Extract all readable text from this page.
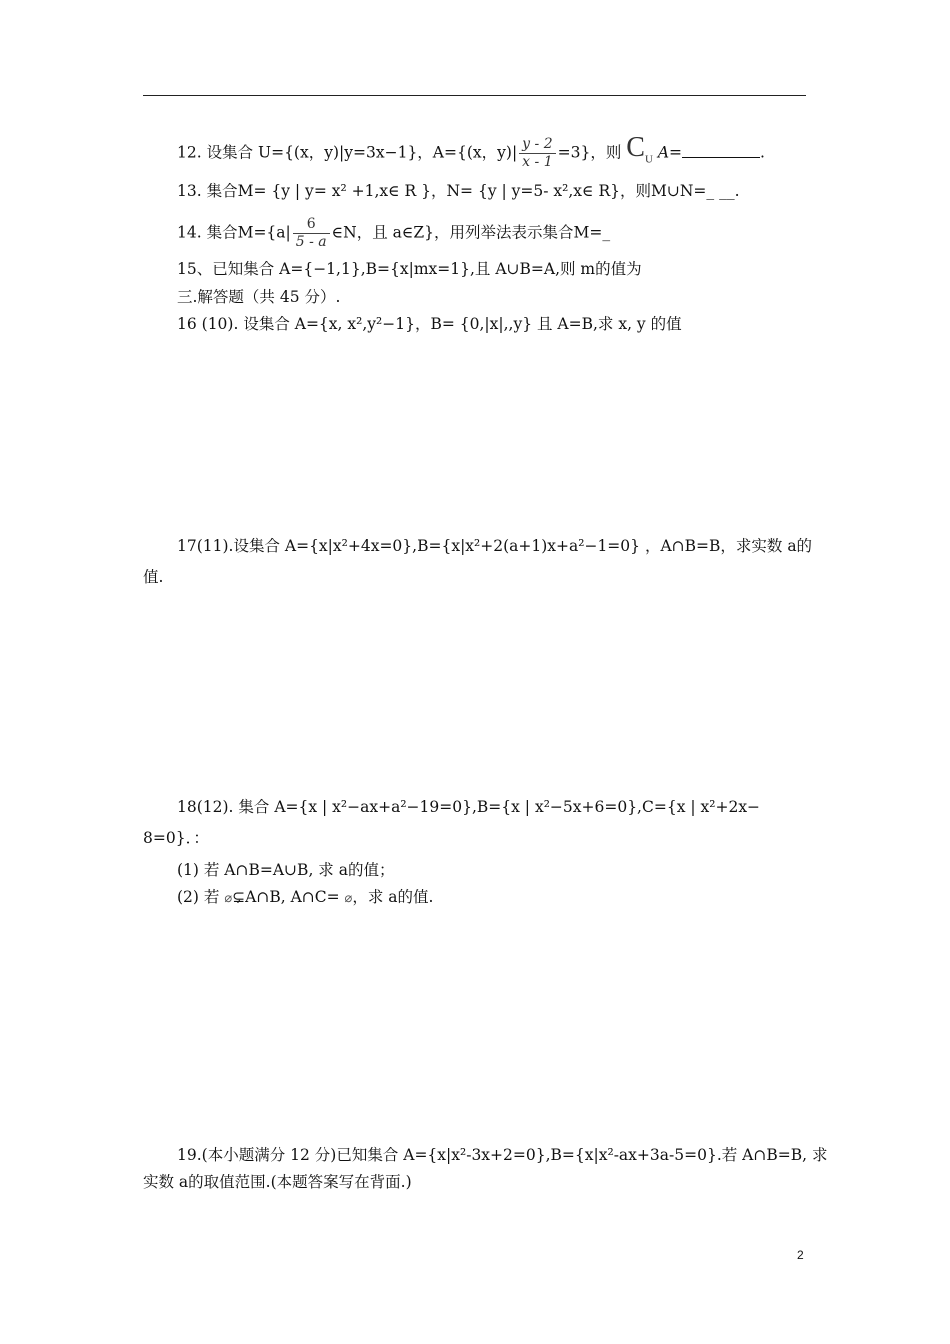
12. 设集合 U={(x，y)|y=3x−1}，A={(x，$y)| \frac{y - 2}{x - 1} =3$}，则 $C_U$ A=	.
13. 集合M= {y | y= x² +1,x∈ R }，N= {y | y=5- x²,x∈ R}，则M∪N=_ __.
14. 集合$M=\{a| \frac{6}{5 - a}$ ∈N，且 a∈Z}，用列举法表示集合M=_
15、已知集合 A={−1,1},B={x|mx=1},且 A∪B=A,则 m的值为
三.解答题（共 45 分）.
16 (10). 设集合 A={x, x²,y²−1}，B= {0,|x|,,y} 且 A=B,求 x, y 的值
17(11).设集合 A={x|x²+4x=0},B={x|x²+2(a+1)x+a²−1=0} ，A∩B=B，求实数 a的
值.
18(12). 集合 A={x | x²−ax+a²−19=0},B={x | x²−5x+6=0},C={x | x²+2x−
8=0}．：
(1) 若 A∩B=A∪B, 求 a的值；
(2) 若 ⌀⊊A∩B, A∩C= ⌀，求 a的值.
19.(本小题满分 12 分)已知集合 A={x|x²-3x+2=0},B={x|x²-ax+3a-5=0}.若 A∩B=B, 求
实数 a的取值范围.(本题答案写在背面.)
2
